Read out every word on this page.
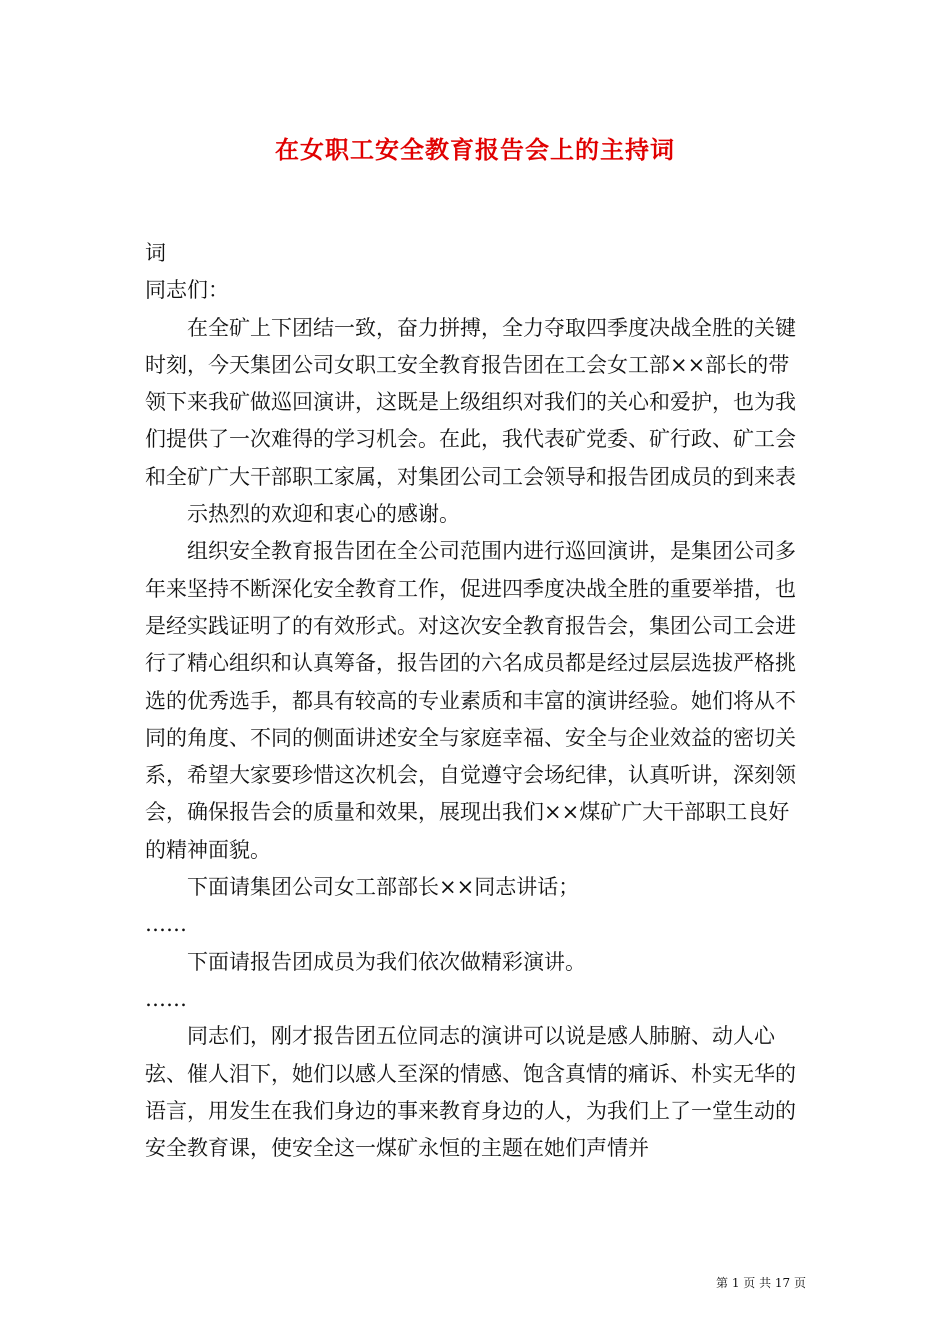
在女职工安全教育报告会上的主持词

词

同志们：

在全矿上下团结一致，奋力拼搏，全力夺取四季度决战全胜的关键时刻，今天集团公司女职工安全教育报告团在工会女工部××部长的带领下来我矿做巡回演讲，这既是上级组织对我们的关心和爱护，也为我们提供了一次难得的学习机会。在此，我代表矿党委、矿行政、矿工会和全矿广大干部职工家属，对集团公司工会领导和报告团成员的到来表

示热烈的欢迎和衷心的感谢。

组织安全教育报告团在全公司范围内进行巡回演讲，是集团公司多年来坚持不断深化安全教育工作，促进四季度决战全胜的重要举措，也是经实践证明了的有效形式。对这次安全教育报告会，集团公司工会进行了精心组织和认真筹备，报告团的六名成员都是经过层层选拔严格挑选的优秀选手，都具有较高的专业素质和丰富的演讲经验。她们将从不同的角度、不同的侧面讲述安全与家庭幸福、安全与企业效益的密切关系，希望大家要珍惜这次机会，自觉遵守会场纪律，认真听讲，深刻领会，确保报告会的质量和效果，展现出我们××煤矿广大干部职工良好的精神面貌。

下面请集团公司女工部部长××同志讲话；

……

下面请报告团成员为我们依次做精彩演讲。

……

同志们，刚才报告团五位同志的演讲可以说是感人肺腑、动人心弦、催人泪下，她们以感人至深的情感、饱含真情的痛诉、朴实无华的语言，用发生在我们身边的事来教育身边的人，为我们上了一堂生动的安全教育课，使安全这一煤矿永恒的主题在她们声情并

第 1 页 共 17 页
